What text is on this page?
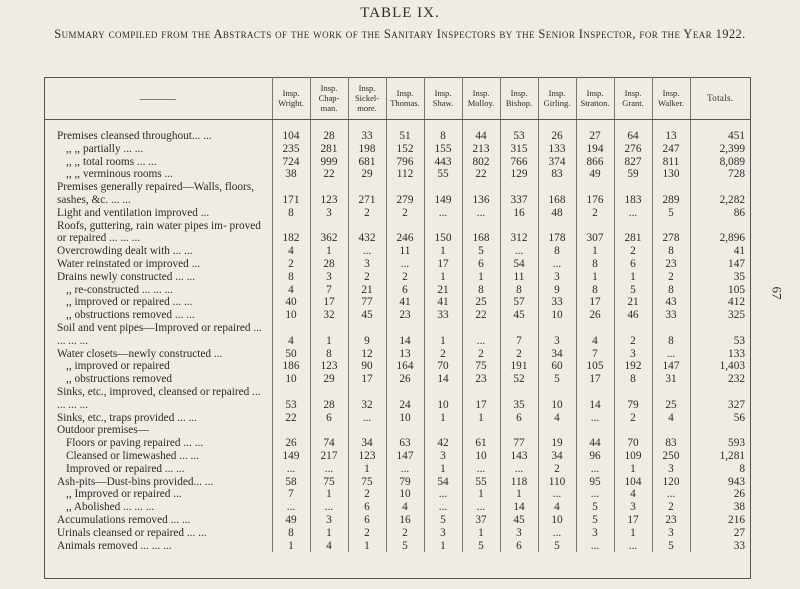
TABLE IX.
Summary compiled from the Abstracts of the work of the Sanitary Inspectors by the Senior Inspector, for the Year 1922.
67
———	Insp. Wright.	Insp. Chap- man.	Insp. Sickel- more.	Insp. Thomas.	Insp. Shaw.	Insp. Molloy.	Insp. Bishop.	Insp. Girling.	Insp. Stratton.	Insp. Grant.	Insp. Walker.	Totals.

Premises cleansed throughout... ...	104	28	33	51	8	44	53	26	27	64	13	451
,, ,, partially ... ...	235	281	198	152	155	213	315	133	194	276	247	2,399
,, ,, total rooms ... ...	724	999	681	796	443	802	766	374	866	827	811	8,089
,, ,, verminous rooms ...	38	22	29	112	55	22	129	83	49	59	130	728
Premises generally repaired—Walls, floors, sashes, &c. ... ...	171	123	271	279	149	136	337	168	176	183	289	2,282
Light and ventilation improved ...	8	3	2	2	...	...	16	48	2	...	5	86
Roofs, guttering, rain water pipes im- proved or repaired ... ... ...	182	362	432	246	150	168	312	178	307	281	278	2,896
Overcrowding dealt with ... ...	4	1	...	11	1	5	...	8	1	2	8	41
Water reinstated or improved ...	2	28	3	...	17	6	54	...	8	6	23	147
Drains newly constructed ... ...	8	3	2	2	1	1	11	3	1	1	2	35
,, re-constructed ... ... ...	4	7	21	6	21	8	8	9	8	5	8	105
,, improved or repaired ... ...	40	17	77	41	41	25	57	33	17	21	43	412
,, obstructions removed ... ...	10	32	45	23	33	22	45	10	26	46	33	325
Soil and vent pipes—Improved or repaired ... ... ... ...	4	1	9	14	1	...	7	3	4	2	8	53
Water closets—newly constructed ...	50	8	12	13	2	2	2	34	7	3	...	133
,, improved or repaired	186	123	90	164	70	75	191	60	105	192	147	1,403
,, obstructions removed	10	29	17	26	14	23	52	5	17	8	31	232
Sinks, etc., improved, cleansed or repaired ... ... ... ...	53	28	32	24	10	17	35	10	14	79	25	327
Sinks, etc., traps provided ... ...	22	6	...	10	1	1	6	4	...	2	4	56
Outdoor premises—												
Floors or paving repaired ... ...	26	74	34	63	42	61	77	19	44	70	83	593
Cleansed or limewashed ... ...	149	217	123	147	3	10	143	34	96	109	250	1,281
Improved or repaired ... ...	...	...	1	...	1	...	...	2	...	1	3	8
Ash-pits—Dust-bins provided... ...	58	75	75	79	54	55	118	110	95	104	120	943
,, Improved or repaired ...	7	1	2	10	...	1	1	...	...	4	...	26
,, Abolished ... ... ...	...	...	6	4	...	...	14	4	5	3	2	38
Accumulations removed ... ...	49	3	6	16	5	37	45	10	5	17	23	216
Urinals cleansed or repaired ... ...	8	1	2	2	3	1	3	...	3	1	3	27
Animals removed ... ... ...	1	4	1	5	1	5	6	5	...	...	5	33
